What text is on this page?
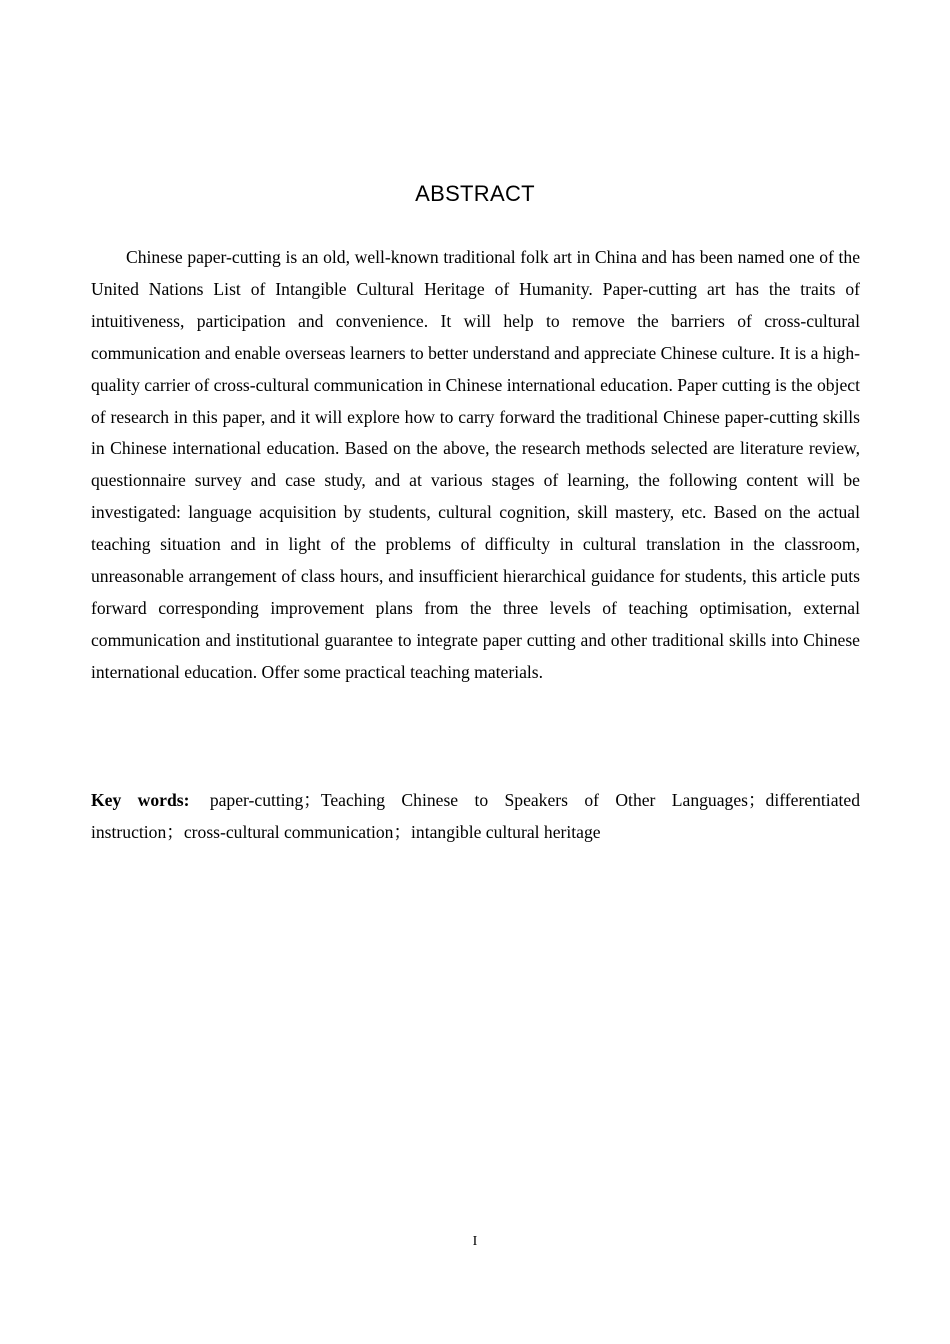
ABSTRACT

Chinese paper-cutting is an old, well-known traditional folk art in China and has been named one of the United Nations List of Intangible Cultural Heritage of Humanity. Paper-cutting art has the traits of intuitiveness, participation and convenience. It will help to remove the barriers of cross-cultural communication and enable overseas learners to better understand and appreciate Chinese culture. It is a high-quality carrier of cross-cultural communication in Chinese international education. Paper cutting is the object of research in this paper, and it will explore how to carry forward the traditional Chinese paper-cutting skills in Chinese international education. Based on the above, the research methods selected are literature review, questionnaire survey and case study, and at various stages of learning, the following content will be investigated: language acquisition by students, cultural cognition, skill mastery, etc. Based on the actual teaching situation and in light of the problems of difficulty in cultural translation in the classroom, unreasonable arrangement of class hours, and insufficient hierarchical guidance for students, this article puts forward corresponding improvement plans from the three levels of teaching optimisation, external communication and institutional guarantee to integrate paper cutting and other traditional skills into Chinese international education. Offer some practical teaching materials.

Key words: paper-cutting；Teaching Chinese to Speakers of Other Languages；differentiated instruction；cross-cultural communication；intangible cultural heritage

I
